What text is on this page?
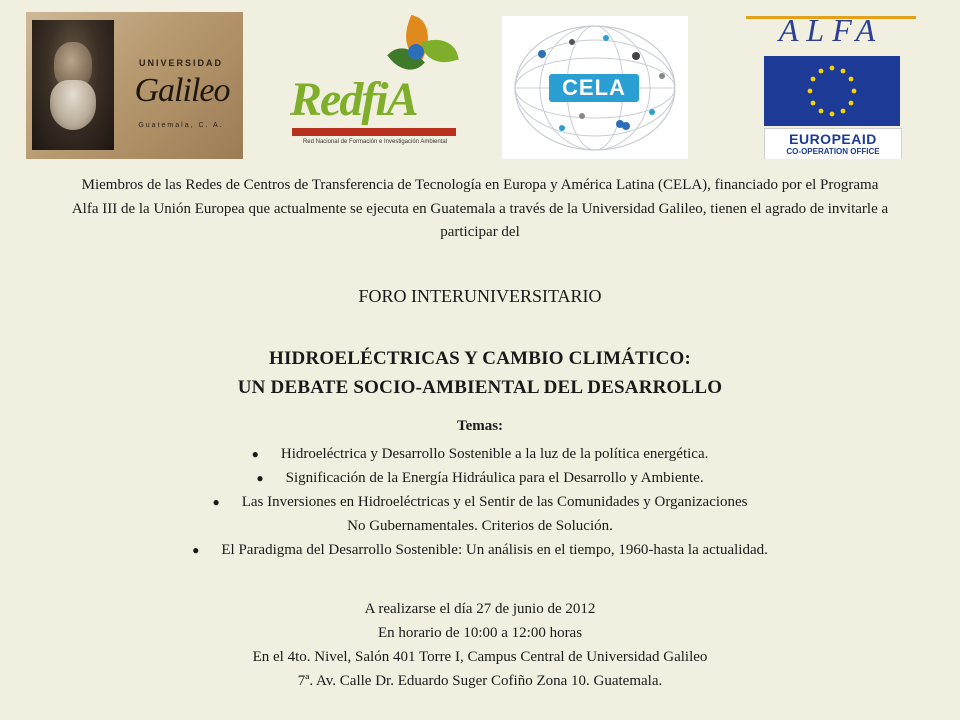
UNIVERSIDAD
Galileo
Guatemala, C. A. RedfiA
Red Nacional de Formación e Investigación Ambiental
CELA
ALFA
EUROPEAID
CO-OPERATION OFFICE
Miembros de las Redes de Centros de Transferencia de Tecnología en Europa y América Latina (CELA), financiado por el Programa Alfa III de la Unión Europea que actualmente se ejecuta en Guatemala a través de la Universidad Galileo, tienen el agrado de invitarle a participar del
FORO INTERUNIVERSITARIO
HIDROELÉCTRICAS Y CAMBIO CLIMÁTICO:
UN DEBATE SOCIO-AMBIENTAL DEL DESARROLLO
Temas:
● Hidroeléctrica y Desarrollo Sostenible a la luz de la política energética.
● Significación de la Energía Hidráulica para el Desarrollo y Ambiente.
● Las Inversiones en Hidroeléctricas y el Sentir de las Comunidades y Organizaciones
No Gubernamentales. Criterios de Solución.
● El Paradigma del Desarrollo Sostenible: Un análisis en el tiempo, 1960-hasta la actualidad.
A realizarse el día 27 de junio de 2012
En horario de 10:00 a 12:00 horas
En el 4to. Nivel, Salón 401 Torre I, Campus Central de Universidad Galileo
7ª. Av. Calle Dr. Eduardo Suger Cofiño Zona 10. Guatemala.
